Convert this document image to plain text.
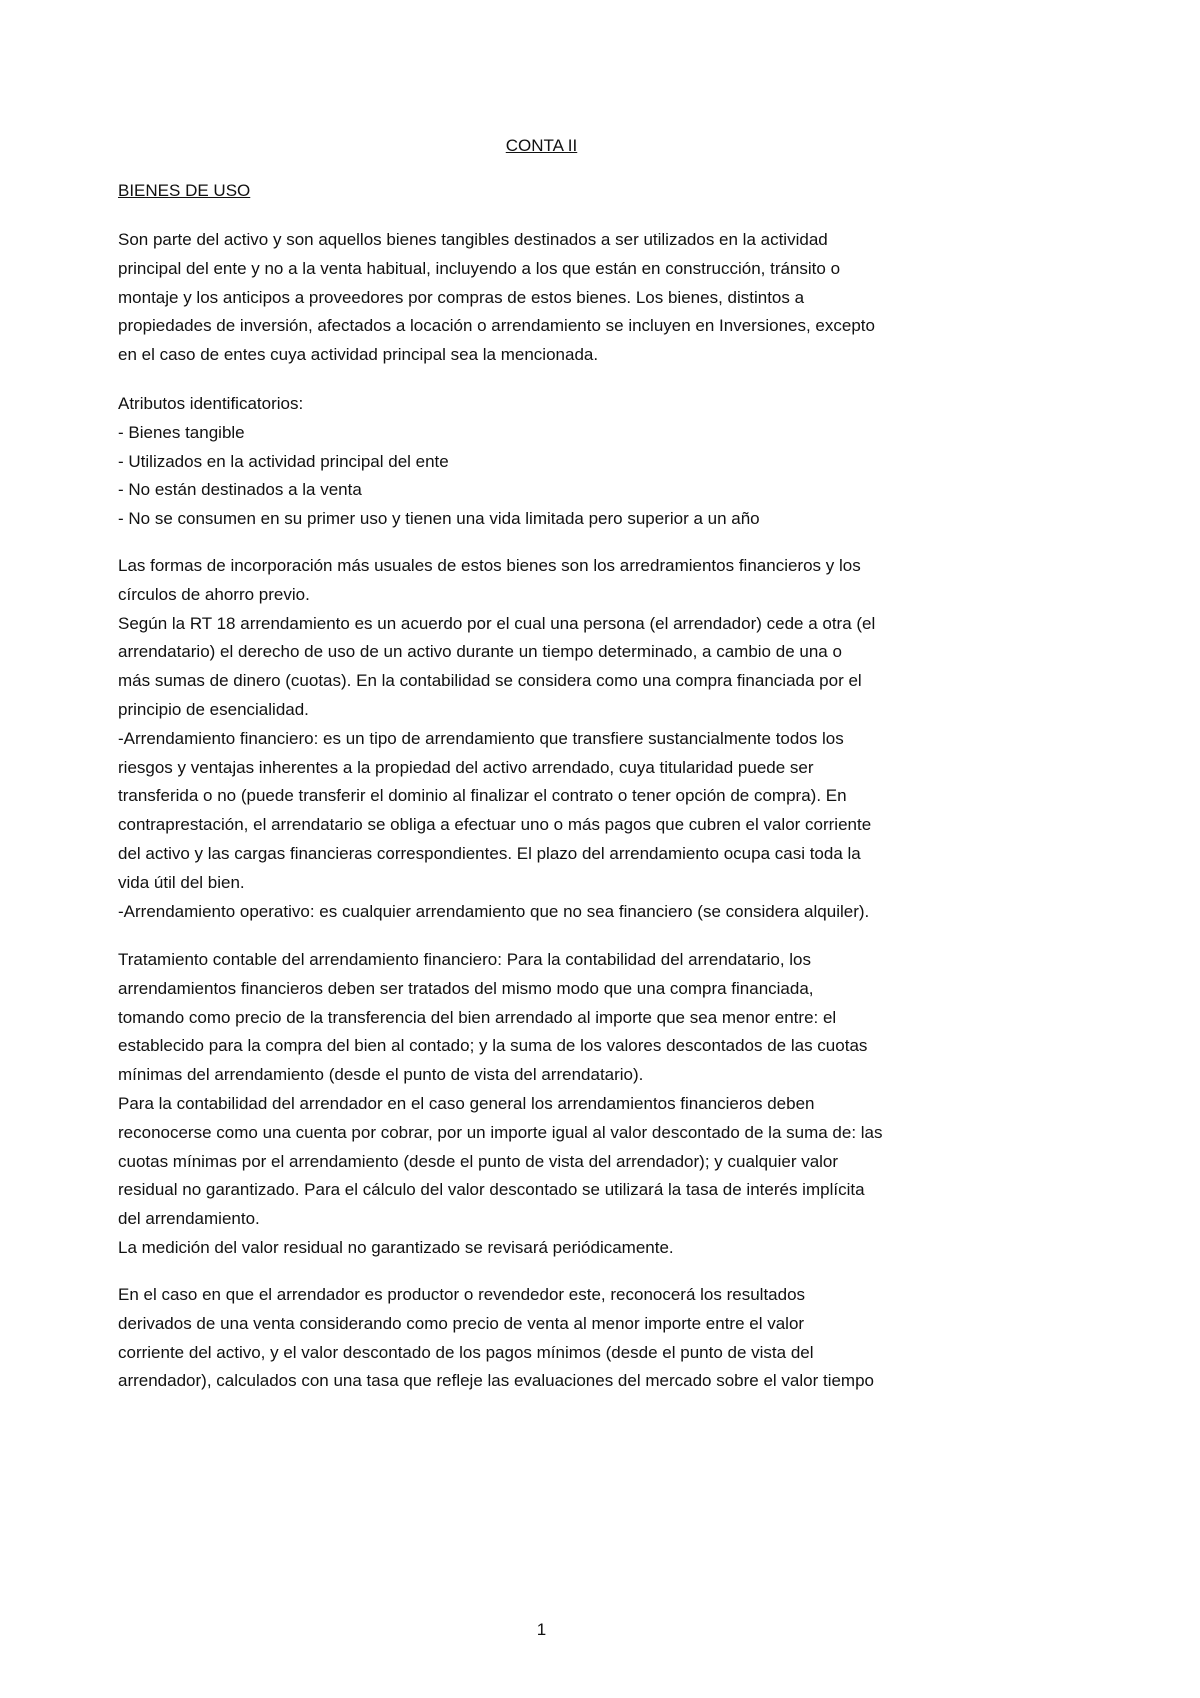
CONTA II
BIENES DE USO
Son parte del activo y son aquellos bienes tangibles destinados a ser utilizados en la actividad
principal del ente y no a la venta habitual, incluyendo a los que están en construcción, tránsito o
montaje y los anticipos a proveedores por compras de estos bienes. Los bienes, distintos a
propiedades de inversión, afectados a locación o arrendamiento se incluyen en Inversiones, excepto
en el caso de entes cuya actividad principal sea la mencionada.
Atributos identificatorios:
- Bienes tangible
- Utilizados en la actividad principal del ente
- No están destinados a la venta
- No se consumen en su primer uso y tienen una vida limitada pero superior a un año
Las formas de incorporación más usuales de estos bienes son los arredramientos financieros y los
círculos de ahorro previo.
Según la RT 18 arrendamiento es un acuerdo por el cual una persona (el arrendador) cede a otra (el
arrendatario) el derecho de uso de un activo durante un tiempo determinado, a cambio de una o
más sumas de dinero (cuotas). En la contabilidad se considera como una compra financiada por el
principio de esencialidad.
-Arrendamiento financiero: es un tipo de arrendamiento que transfiere sustancialmente todos los
riesgos y ventajas inherentes a la propiedad del activo arrendado, cuya titularidad puede ser
transferida o no (puede transferir el dominio al finalizar el contrato o tener opción de compra). En
contraprestación, el arrendatario se obliga a efectuar uno o más pagos que cubren el valor corriente
del activo y las cargas financieras correspondientes. El plazo del arrendamiento ocupa casi toda la
vida útil del bien.
-Arrendamiento operativo: es cualquier arrendamiento que no sea financiero (se considera alquiler).
Tratamiento contable del arrendamiento financiero: Para la contabilidad del arrendatario, los
arrendamientos financieros deben ser tratados del mismo modo que una compra financiada,
tomando como precio de la transferencia del bien arrendado al importe que sea menor entre: el
establecido para la compra del bien al contado; y la suma de los valores descontados de las cuotas
mínimas del arrendamiento (desde el punto de vista del arrendatario).
Para la contabilidad del arrendador en el caso general los arrendamientos financieros deben
reconocerse como una cuenta por cobrar, por un importe igual al valor descontado de la suma de: las
cuotas mínimas por el arrendamiento (desde el punto de vista del arrendador); y cualquier valor
residual no garantizado. Para el cálculo del valor descontado se utilizará la tasa de interés implícita
del arrendamiento.
La medición del valor residual no garantizado se revisará periódicamente.
En el caso en que el arrendador es productor o revendedor este, reconocerá los resultados
derivados de una venta considerando como precio de venta al menor importe entre el valor
corriente del activo, y el valor descontado de los pagos mínimos (desde el punto de vista del
arrendador), calculados con una tasa que refleje las evaluaciones del mercado sobre el valor tiempo
1
